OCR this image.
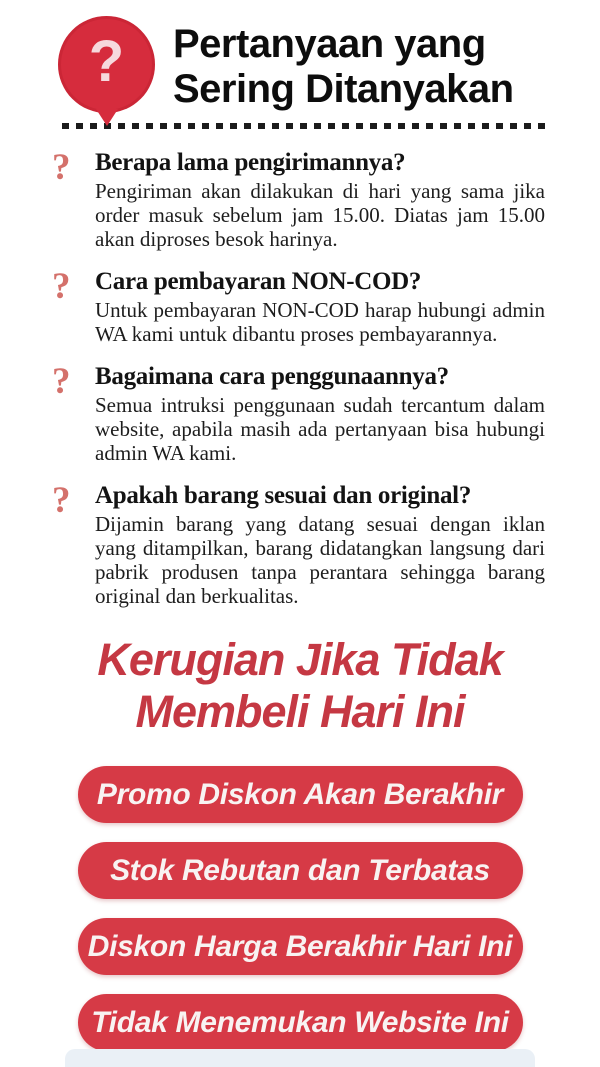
? Pertanyaan yang
Sering Ditanyakan
? Berapa lama pengirimannya?
Pengiriman akan dilakukan di hari yang sama jika order masuk sebelum jam 15.00. Diatas jam 15.00 akan diproses besok harinya.
? Cara pembayaran NON-COD?
Untuk pembayaran NON-COD harap hubungi admin WA kami untuk dibantu proses pembayarannya.
? Bagaimana cara penggunaannya?
Semua intruksi penggunaan sudah tercantum dalam website, apabila masih ada pertanyaan bisa hubungi admin WA kami.
? Apakah barang sesuai dan original?
Dijamin barang yang datang sesuai dengan iklan yang ditampilkan, barang didatangkan langsung dari pabrik produsen tanpa perantara sehingga barang original dan berkualitas.
Kerugian Jika Tidak
Membeli Hari Ini
Promo Diskon Akan Berakhir
Stok Rebutan dan Terbatas
Diskon Harga Berakhir Hari Ini
Tidak Menemukan Website Ini
